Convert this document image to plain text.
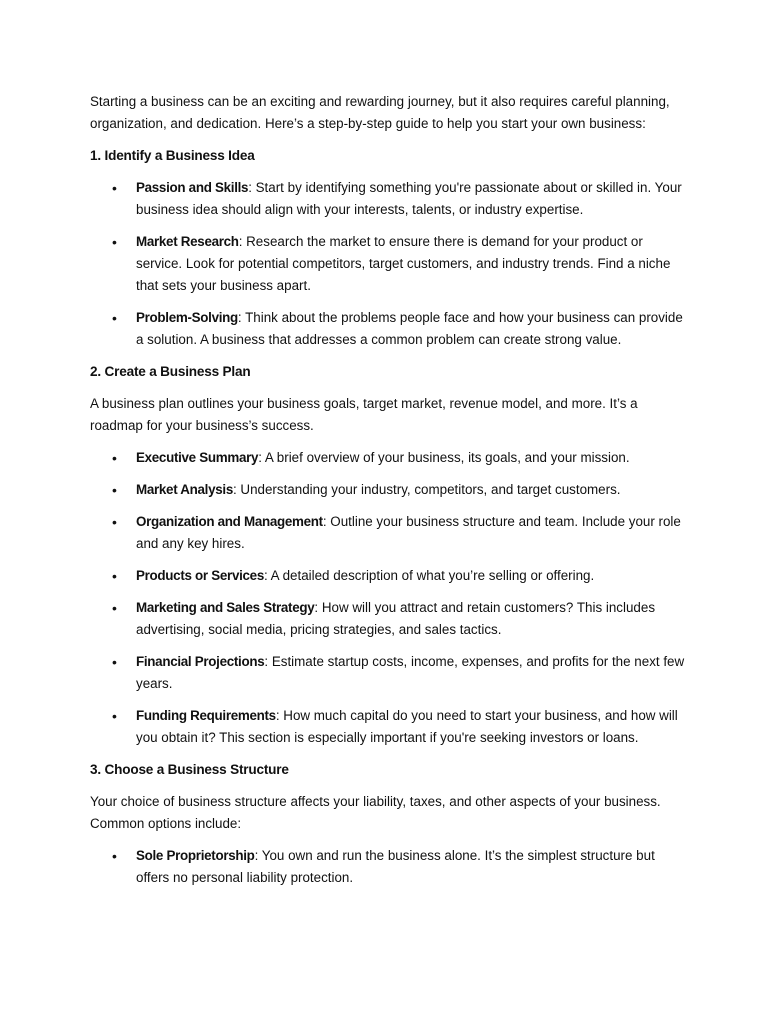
Starting a business can be an exciting and rewarding journey, but it also requires careful planning, organization, and dedication. Here’s a step-by-step guide to help you start your own business:

1. Identify a Business Idea
• Passion and Skills: Start by identifying something you're passionate about or skilled in. Your business idea should align with your interests, talents, or industry expertise.
• Market Research: Research the market to ensure there is demand for your product or service. Look for potential competitors, target customers, and industry trends. Find a niche that sets your business apart.
• Problem-Solving: Think about the problems people face and how your business can provide a solution. A business that addresses a common problem can create strong value.
2. Create a Business Plan

A business plan outlines your business goals, target market, revenue model, and more. It’s a roadmap for your business’s success.

• Executive Summary: A brief overview of your business, its goals, and your mission.
• Market Analysis: Understanding your industry, competitors, and target customers.
• Organization and Management: Outline your business structure and team. Include your role and any key hires.
• Products or Services: A detailed description of what you’re selling or offering.
• Marketing and Sales Strategy: How will you attract and retain customers? This includes advertising, social media, pricing strategies, and sales tactics.
• Financial Projections: Estimate startup costs, income, expenses, and profits for the next few years.
• Funding Requirements: How much capital do you need to start your business, and how will you obtain it? This section is especially important if you're seeking investors or loans.
3. Choose a Business Structure

Your choice of business structure affects your liability, taxes, and other aspects of your business. Common options include:

• Sole Proprietorship: You own and run the business alone. It’s the simplest structure but offers no personal liability protection.
